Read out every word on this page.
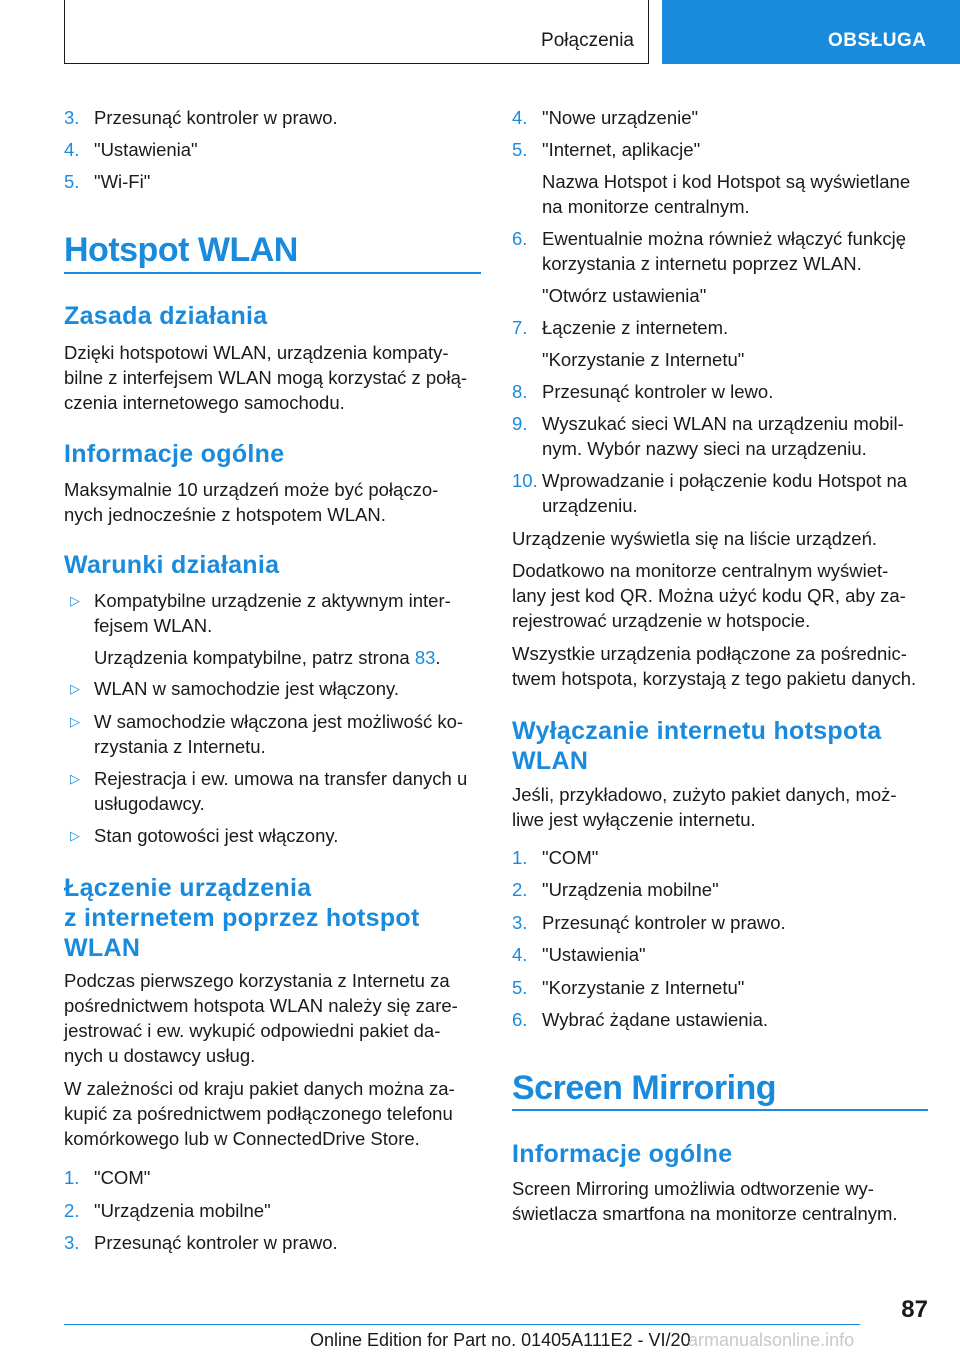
Połączenia	OBSŁUGA
3. Przesunąć kontroler w prawo.
4. "Ustawienia"
5. "Wi-Fi"
Hotspot WLAN
Zasada działania
Dzięki hotspotowi WLAN, urządzenia kompaty-
bilne z interfejsem WLAN mogą korzystać z połą-
czenia internetowego samochodu.
Informacje ogólne
Maksymalnie 10 urządzeń może być połączo-
nych jednocześnie z hotspotem WLAN.
Warunki działania
▷ Kompatybilne urządzenie z aktywnym inter-
fejsem WLAN.
Urządzenia kompatybilne, patrz strona 83.
▷ WLAN w samochodzie jest włączony.
▷ W samochodzie włączona jest możliwość ko-
rzystania z Internetu.
▷ Rejestracja i ew. umowa na transfer danych u
usługodawcy.
▷ Stan gotowości jest włączony.
Łączenie urządzenia
z internetem poprzez hotspot
WLAN
Podczas pierwszego korzystania z Internetu za
pośrednictwem hotspota WLAN należy się zare-
jestrować i ew. wykupić odpowiedni pakiet da-
nych u dostawcy usług.
W zależności od kraju pakiet danych można za-
kupić za pośrednictwem podłączonego telefonu
komórkowego lub w ConnectedDrive Store.
1. "COM"
2. "Urządzenia mobilne"
3. Przesunąć kontroler w prawo.
4. "Nowe urządzenie"
5. "Internet, aplikacje"
Nazwa Hotspot i kod Hotspot są wyświetlane
na monitorze centralnym.
6. Ewentualnie można również włączyć funkcję
korzystania z internetu poprzez WLAN.
"Otwórz ustawienia"
7. Łączenie z internetem.
"Korzystanie z Internetu"
8. Przesunąć kontroler w lewo.
9. Wyszukać sieci WLAN na urządzeniu mobil-
nym. Wybór nazwy sieci na urządzeniu.
10. Wprowadzanie i połączenie kodu Hotspot na
urządzeniu.
Urządzenie wyświetla się na liście urządzeń.
Dodatkowo na monitorze centralnym wyświet-
lany jest kod QR. Można użyć kodu QR, aby za-
rejestrować urządzenie w hotspocie.
Wszystkie urządzenia podłączone za pośrednic-
twem hotspota, korzystają z tego pakietu danych.
Wyłączanie internetu hotspota
WLAN
Jeśli, przykładowo, zużyto pakiet danych, moż-
liwe jest wyłączenie internetu.
1. "COM"
2. "Urządzenia mobilne"
3. Przesunąć kontroler w prawo.
4. "Ustawienia"
5. "Korzystanie z Internetu"
6. Wybrać żądane ustawienia.
Screen Mirroring
Informacje ogólne
Screen Mirroring umożliwia odtworzenie wy-
świetlacza smartfona na monitorze centralnym.
87
Online Edition for Part no. 01405A111E2 - VI/20
armanualsonline.info
